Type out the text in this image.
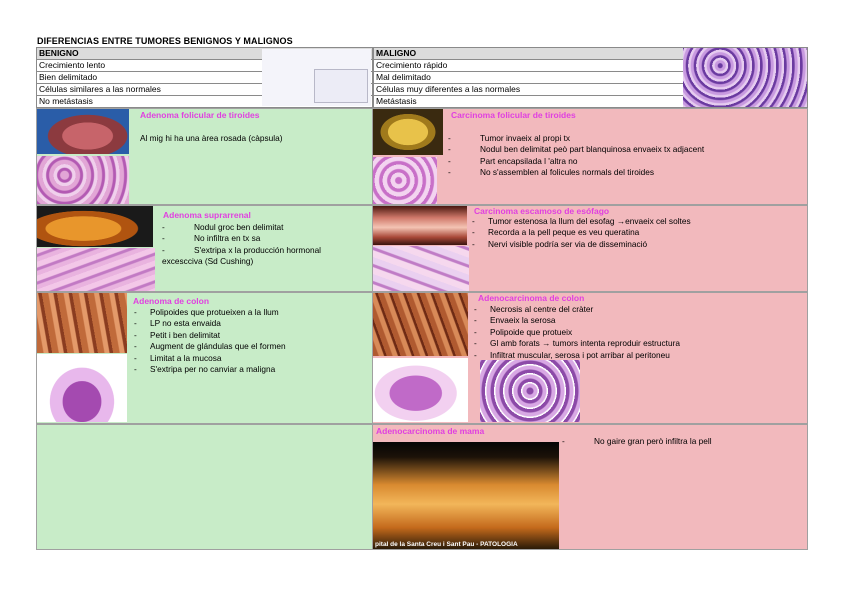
DIFERENCIAS ENTRE TUMORES BENIGNOS Y MALIGNOS
BENIGNO
Crecimiento lento
Bien delimitado
Células similares a las normales
No metástasis
MALIGNO
Crecimiento rápido
Mal delimitado
Células muy diferentes a las normales
Metástasis
Adenoma folicular de tiroides
Al mig hi ha una àrea rosada (càpsula)
Carcinoma folicular de tiroides
- Tumor invaeix al propi tx
- Nodul ben delimitat peò part blanquinosa envaeix tx adjacent
- Part encapsilada l 'altra no
- No s'assemblen al folicules normals del tiroides
Adenoma suprarrenal
- Nodul groc ben delimitat
- No infiltra en tx sa
- S'extripa x la producción hormonal
excescciva (Sd Cushing)
Carcinoma escamoso de esófago
- Tumor estenosa la llum del esofag →envaeix cel soltes
- Recorda a la pell peque es veu queratina
- Nervi visible podría ser via de disseminació
Adenoma de colon
- Polipoides que protueixen a la llum
- LP no esta envaida
- Petit i ben delimitat
- Augment de glándulas que el formen
- Limitat a la mucosa
- S'extripa per no canviar a maligna
Adenocarcinoma de colon
- Necrosis al centre del cràter
- Envaeix la serosa
- Polipoide que protueix
- Gl amb forats → tumors intenta reproduir estructura
- Infiltrat muscular, serosa i pot arribar al peritoneu
Adenocarcinoma de mama
pital de la Santa Creu i Sant Pau - PATOLOGIA
- No gaire gran però infiltra la pell
